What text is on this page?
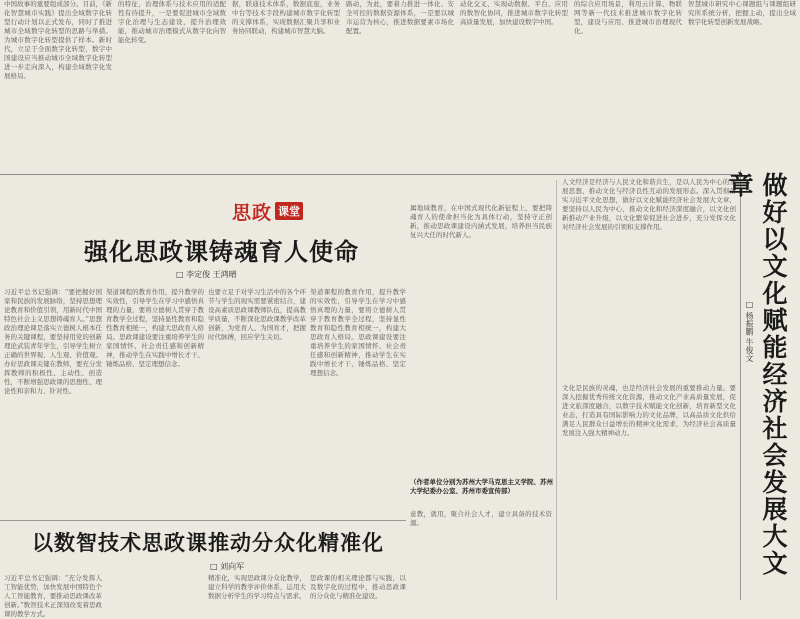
中国故事的重要组成部分。目前，《新化智慧城市实践》提出全域数字化转型行动计划以正式发布，同时了推进城市全域数字化转型的思路与举措。为城市数字化转型提供了样本。新时代，立足于全面数字化转型，数字中国建设应当推动城市全域数字化转型进一步走向深入，构建全域数字化发展格局。
的特征，治理体系与技术应用的适配性有待提升，一是要促进城市全域数字化治理与生态建设，提升治理效能，推动城市治理模式从数字化向智能化转变。
据，联通技术体系，数据底座，业务中台等技术手段构建城市数字化转型的支撑体系，实现数据汇聚共享和业务协同联动，构建城市智慧大脑。
路动，为此，要着力推进一体化、安全可控的数据资源体系，一是要以城市运营为核心，推进数据要素市场化配置。
动化交叉、实现动数据、平台、应用的数智化协同，推进城市数字化转型高质量发展，加快建设数字中国。
的综合应用场景，利用云计算、物联网等新一代技术推进城市数字化转型，建设与应用、推进城市治理现代化。
智慧城市研究中心课题组与课题组研究所系统分析，把握主动，提出全域数字化转型创新发展战略。
思政 课堂
强化思政课铸魂育人使命
□ 李定俊 王鸿晴
习近平总书记强调：“要把握好国家和民族的发展脉络，坚持思想理论教育和价值引领，用新时代中国特色社会主义思想铸魂育人。”思想政治理论课是落实立德树人根本任务的关键课程，要坚持用党的创新理论武装青年学生，引导学生树立正确的世界观、人生观、价值观。办好思政课关键在教师，要充分发挥教师的积极性、主动性、创造性，不断增强思政课的思想性、理论性和亲和力、针对性。
渠道课程的教育作用，提升教学的实效性，引导学生在学习中感悟真理的力量，要将立德树人贯穿于教育教学全过程，坚持显性教育和隐性教育相统一，构建大思政育人格局。思政课建设要注重培养学生的家国情怀、社会责任感和创新精神，推动学生在实践中增长才干、锤炼品格、坚定理想信念。
也要立足于对学习生活中的各个环节与学生的现实需要紧密结合，建设高素质思政课教师队伍，提高教学质量，不断深化思政课教学改革创新，为党育人、为国育才，把握时代脉搏，回应学生关切。
属地域教育，在中国式现代化新征程上，要把铸魂育人的使命担当化为具体行动，坚持守正创新，推动思政课建设内涵式发展，培养担当民族复兴大任的时代新人。
（作者单位分别为苏州大学马克思主义学院、苏州大学纪委办公室、苏州市委宣传部）
渠道课程的教育作用，提升教学的实效性，引导学生在学习中感悟真理的力量，要将立德树人贯穿于教育教学全过程，坚持显性教育和隐性教育相统一，构建大思政育人格局。思政课建设要注重培养学生的家国情怀、社会责任感和创新精神，推动学生在实践中增长才干、锤炼品格、坚定理想信念。
以数智技术思政课推动分众化精准化
□ 刘向军
习近平总书记强调：“充分发挥人工智能优势，加快发展中国特色个人工智能教育，要推动思政课改革创新。”数智技术正深刻改变着思政课的教学方式。
精准化，实现思政课分众化教学，建立科学的教学评价体系，运用大数据分析学生的学习特点与需求。
思政课的相关理论都与实践，以及数字化的过程中，推动思政课的分众化与精准化建设。
意教，就用，聚合社会人才，建立具备的技术资源。
人文经济是经济与人民文化和谐共生，是以人民为中心的发展思想，推动文化与经济良性互动的发展形态。深入贯彻落实习近平文化思想，做好以文化赋能经济社会发展大文章，要坚持以人民为中心，推动文化和经济深度融合，以文化创新推动产业升级，以文化繁荣促进社会进步，充分发挥文化对经济社会发展的引领和支撑作用。
文化是民族的灵魂，也是经济社会发展的重要推动力量。要深入挖掘优秀传统文化资源，推动文化产业高质量发展，促进文旅深度融合，以数字技术赋能文化创新，培育新型文化业态，打造具有国际影响力的文化品牌，以高品质文化供给满足人民群众日益增长的精神文化需求，为经济社会高质量发展注入强大精神动力。	做好以文化赋能经济社会发展大文章
□ 杨振鹏 牛俊文
